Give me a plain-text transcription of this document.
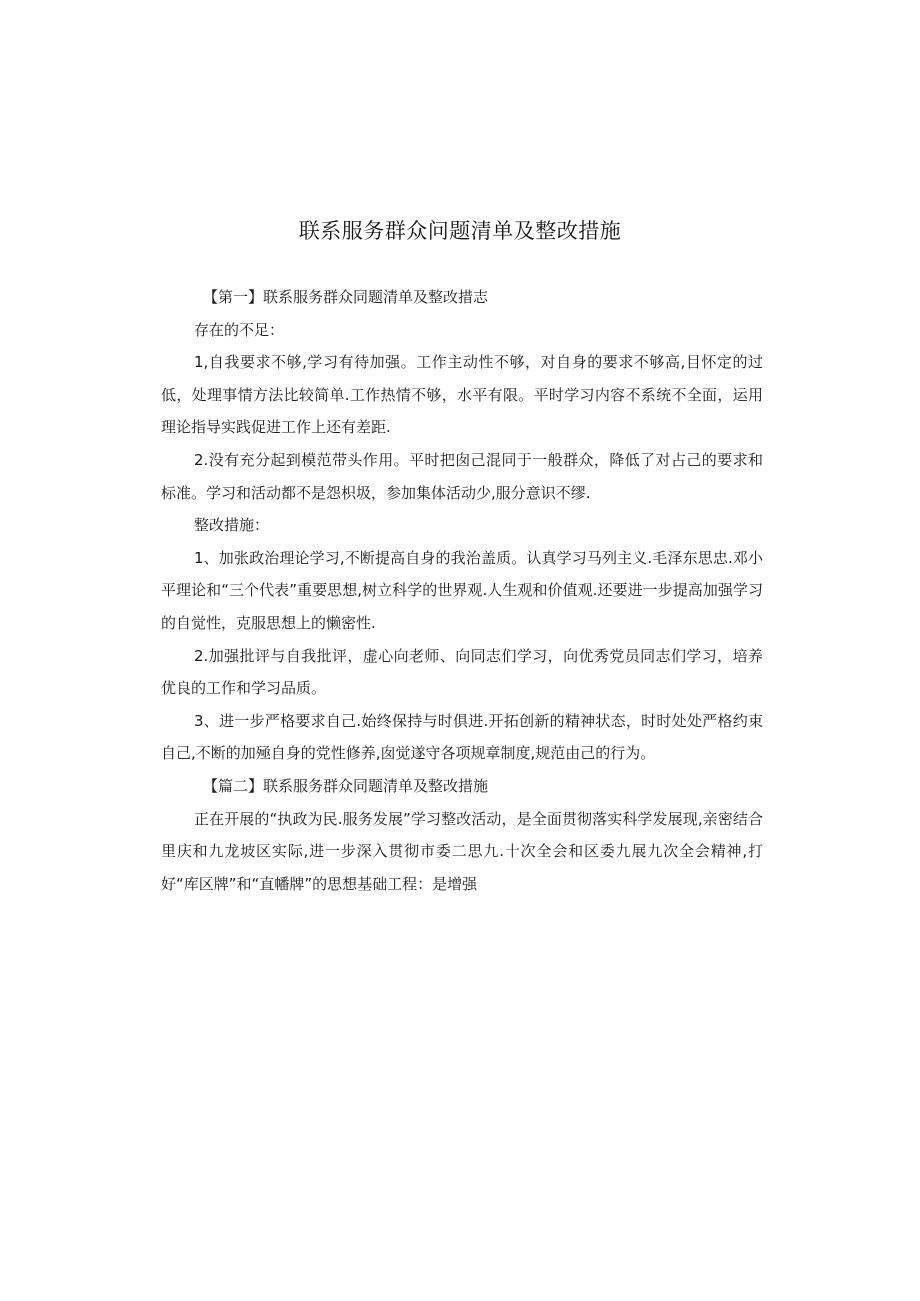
联系服务群众问题清单及整改措施

【第一】联系服务群众同题清单及整改措志

存在的不足：

1,自我要求不够,学习有待加强。工作主动性不够，对自身的要求不够高,目怀定的过低，处理事情方法比较简单.工作热情不够，水平有限。平时学习内容不系统不全面，运用理论指导实践促进工作上还有差距.

2.没有充分起到模范带头作用。平时把囱己混同于一般群众，降低了对占己的要求和标准。学习和活动都不是怨枳圾，参加集体活动少,服分意识不缪.

整改措施：

1、加张政治理论学习,不断提高自身的我治盖质。认真学习马列主义.毛泽东思忠.邓小平理论和“三个代表”重要思想,树立科学的世界观.人生观和价值观.还要进一步提高加强学习的自觉性，克服思想上的懒密性.

2.加强批评与自我批评，虚心向老师、向同志们学习，向优秀党员同志们学习，培养优良的工作和学习品质。

3、进一步严格要求自己.始终保持与时俱进.开拓创新的精神状态，时时处处严格约束自己,不断的加殛自身的党性修养,囱觉遂守各项规章制度,规范由己的行为。

【篇二】联系服务群众同题清单及整改措施

正在开展的“执政为民.服务发展”学习整改活动，是全面贯彻落实科学发展现,亲密结合里庆和九龙坡区实际,进一步深入贯彻市委二思九.十次全会和区委九展九次全会精神,打好“库区牌”和“直幡牌”的思想基础工程：是增强
